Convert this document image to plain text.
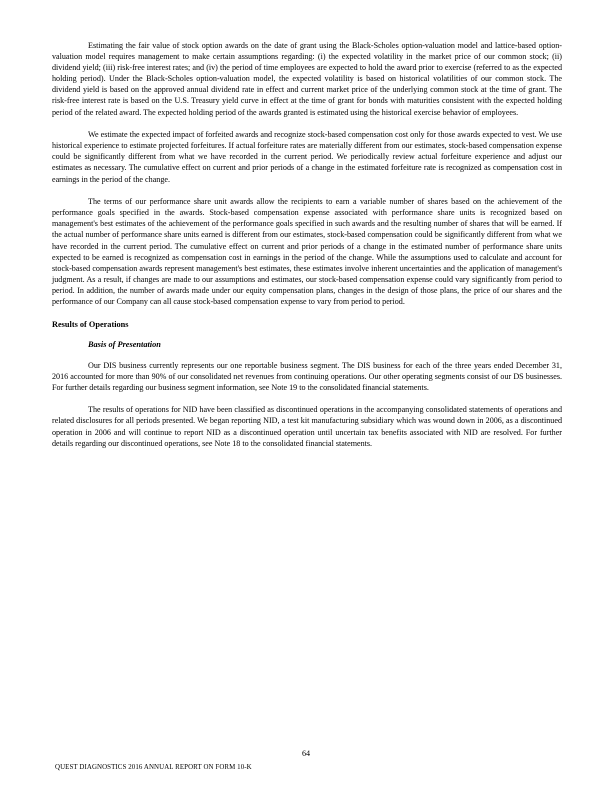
Estimating the fair value of stock option awards on the date of grant using the Black-Scholes option-valuation model and lattice-based option-valuation model requires management to make certain assumptions regarding: (i) the expected volatility in the market price of our common stock; (ii) dividend yield; (iii) risk-free interest rates; and (iv) the period of time employees are expected to hold the award prior to exercise (referred to as the expected holding period). Under the Black-Scholes option-valuation model, the expected volatility is based on historical volatilities of our common stock. The dividend yield is based on the approved annual dividend rate in effect and current market price of the underlying common stock at the time of grant. The risk-free interest rate is based on the U.S. Treasury yield curve in effect at the time of grant for bonds with maturities consistent with the expected holding period of the related award. The expected holding period of the awards granted is estimated using the historical exercise behavior of employees.

We estimate the expected impact of forfeited awards and recognize stock-based compensation cost only for those awards expected to vest. We use historical experience to estimate projected forfeitures. If actual forfeiture rates are materially different from our estimates, stock-based compensation expense could be significantly different from what we have recorded in the current period. We periodically review actual forfeiture experience and adjust our estimates as necessary. The cumulative effect on current and prior periods of a change in the estimated forfeiture rate is recognized as compensation cost in earnings in the period of the change.

The terms of our performance share unit awards allow the recipients to earn a variable number of shares based on the achievement of the performance goals specified in the awards. Stock-based compensation expense associated with performance share units is recognized based on management's best estimates of the achievement of the performance goals specified in such awards and the resulting number of shares that will be earned. If the actual number of performance share units earned is different from our estimates, stock-based compensation could be significantly different from what we have recorded in the current period. The cumulative effect on current and prior periods of a change in the estimated number of performance share units expected to be earned is recognized as compensation cost in earnings in the period of the change. While the assumptions used to calculate and account for stock-based compensation awards represent management's best estimates, these estimates involve inherent uncertainties and the application of management's judgment. As a result, if changes are made to our assumptions and estimates, our stock-based compensation expense could vary significantly from period to period. In addition, the number of awards made under our equity compensation plans, changes in the design of those plans, the price of our shares and the performance of our Company can all cause stock-based compensation expense to vary from period to period.

Results of Operations
Basis of Presentation

Our DIS business currently represents our one reportable business segment. The DIS business for each of the three years ended December 31, 2016 accounted for more than 90% of our consolidated net revenues from continuing operations. Our other operating segments consist of our DS businesses. For further details regarding our business segment information, see Note 19 to the consolidated financial statements.

The results of operations for NID have been classified as discontinued operations in the accompanying consolidated statements of operations and related disclosures for all periods presented. We began reporting NID, a test kit manufacturing subsidiary which was wound down in 2006, as a discontinued operation in 2006 and will continue to report NID as a discontinued operation until uncertain tax benefits associated with NID are resolved. For further details regarding our discontinued operations, see Note 18 to the consolidated financial statements.

64
QUEST DIAGNOSTICS 2016 ANNUAL REPORT ON FORM 10-K
